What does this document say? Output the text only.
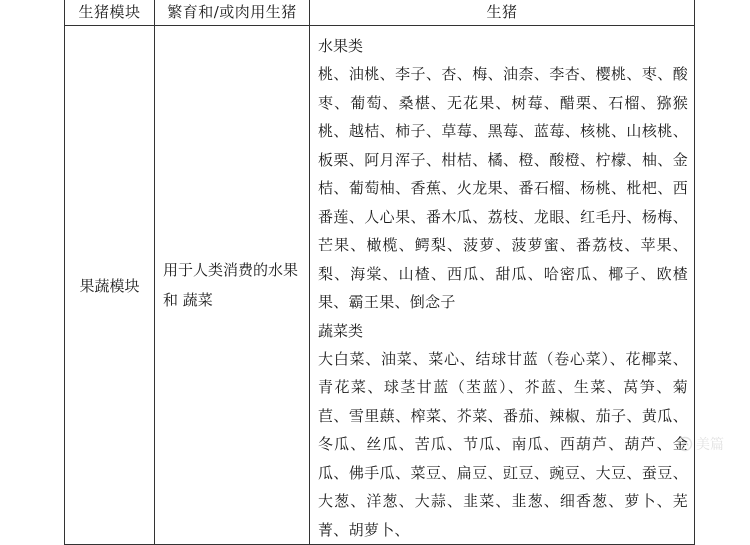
生猪模块	繁育和/或肉用生猪	生猪
果蔬模块	用于人类消费的水果和 蔬菜	水果类

桃、油桃、李子、杏、梅、油柰、李杏、樱桃、枣、酸枣、葡萄、桑椹、无花果、树莓、醋栗、石榴、猕猴桃、越桔、柿子、草莓、黑莓、蓝莓、核桃、山核桃、板栗、阿月浑子、柑桔、橘、橙、酸橙、柠檬、柚、金桔、葡萄柚、香蕉、火龙果、番石榴、杨桃、枇杷、西番莲、人心果、番木瓜、荔枝、龙眼、红毛丹、杨梅、芒果、橄榄、鳄梨、菠萝、菠萝蜜、番荔枝、苹果、梨、海棠、山楂、西瓜、甜瓜、哈密瓜、椰子、欧楂果、霸王果、倒念子

蔬菜类

大白菜、油菜、菜心、结球甘蓝（卷心菜）、花椰菜、青花菜、球茎甘蓝（苤蓝）、芥蓝、生菜、莴笋、菊苣、雪里蕻、榨菜、芥菜、番茄、辣椒、茄子、黄瓜、冬瓜、丝瓜、苦瓜、节瓜、南瓜、西葫芦、葫芦、金瓜、佛手瓜、菜豆、扁豆、豇豆、豌豆、大豆、蚕豆、大葱、洋葱、大蒜、韭菜、韭葱、细香葱、萝卜、芜菁、胡萝卜、

美篇
